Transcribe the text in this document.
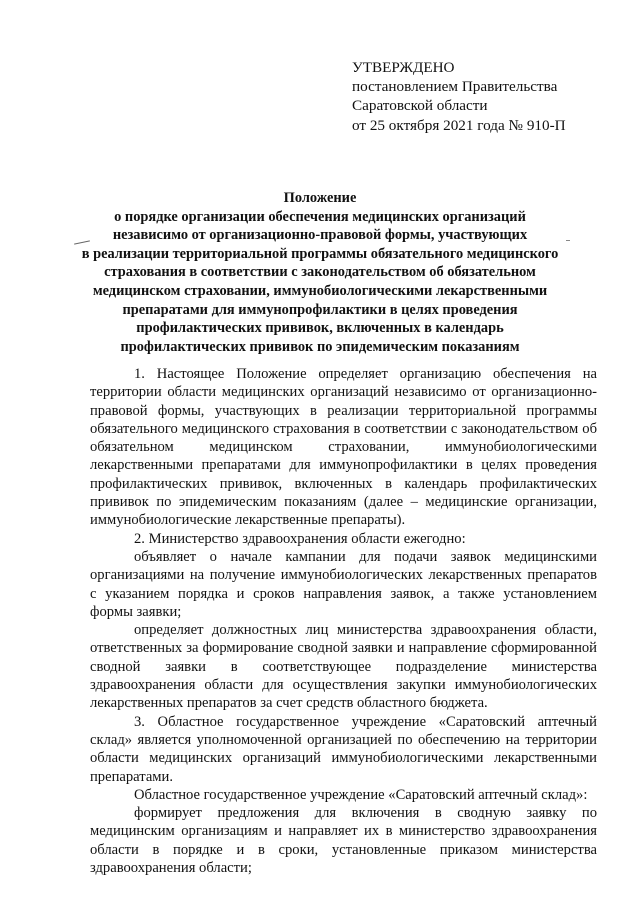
УТВЕРЖДЕНО
постановлением Правительства
Саратовской области
от 25 октября 2021 года № 910-П
Положение
о порядке организации обеспечения медицинских организаций
независимо от организационно-правовой формы, участвующих
в реализации территориальной программы обязательного медицинского
страхования в соответствии с законодательством об обязательном
медицинском страховании, иммунобиологическими лекарственными
препаратами для иммунопрофилактики в целях проведения
профилактических прививок, включенных в календарь
профилактических прививок по эпидемическим показаниям

1. Настоящее Положение определяет организацию обеспечения на территории области медицинских организаций независимо от организационно-правовой формы, участвующих в реализации территориальной программы обязательного медицинского страхования в соответствии с законодательством об обязательном медицинском страховании, иммунобиологическими лекарственными препаратами для иммунопрофилактики в целях проведения профилактических прививок, включенных в календарь профилактических прививок по эпидемическим показаниям (далее – медицинские организации, иммунобиологические лекарственные препараты).

2. Министерство здравоохранения области ежегодно:

объявляет о начале кампании для подачи заявок медицинскими организациями на получение иммунобиологических лекарственных препаратов с указанием порядка и сроков направления заявок, а также установлением формы заявки;

определяет должностных лиц министерства здравоохранения области, ответственных за формирование сводной заявки и направление сформированной сводной заявки в соответствующее подразделение министерства здравоохранения области для осуществления закупки иммунобиологических лекарственных препаратов за счет средств областного бюджета.

3. Областное государственное учреждение «Саратовский аптечный склад» является уполномоченной организацией по обеспечению на территории области медицинских организаций иммунобиологическими лекарственными препаратами.

Областное государственное учреждение «Саратовский аптечный склад»:

формирует предложения для включения в сводную заявку по медицинским организациям и направляет их в министерство здравоохранения области в порядке и в сроки, установленные приказом министерства здравоохранения области;
